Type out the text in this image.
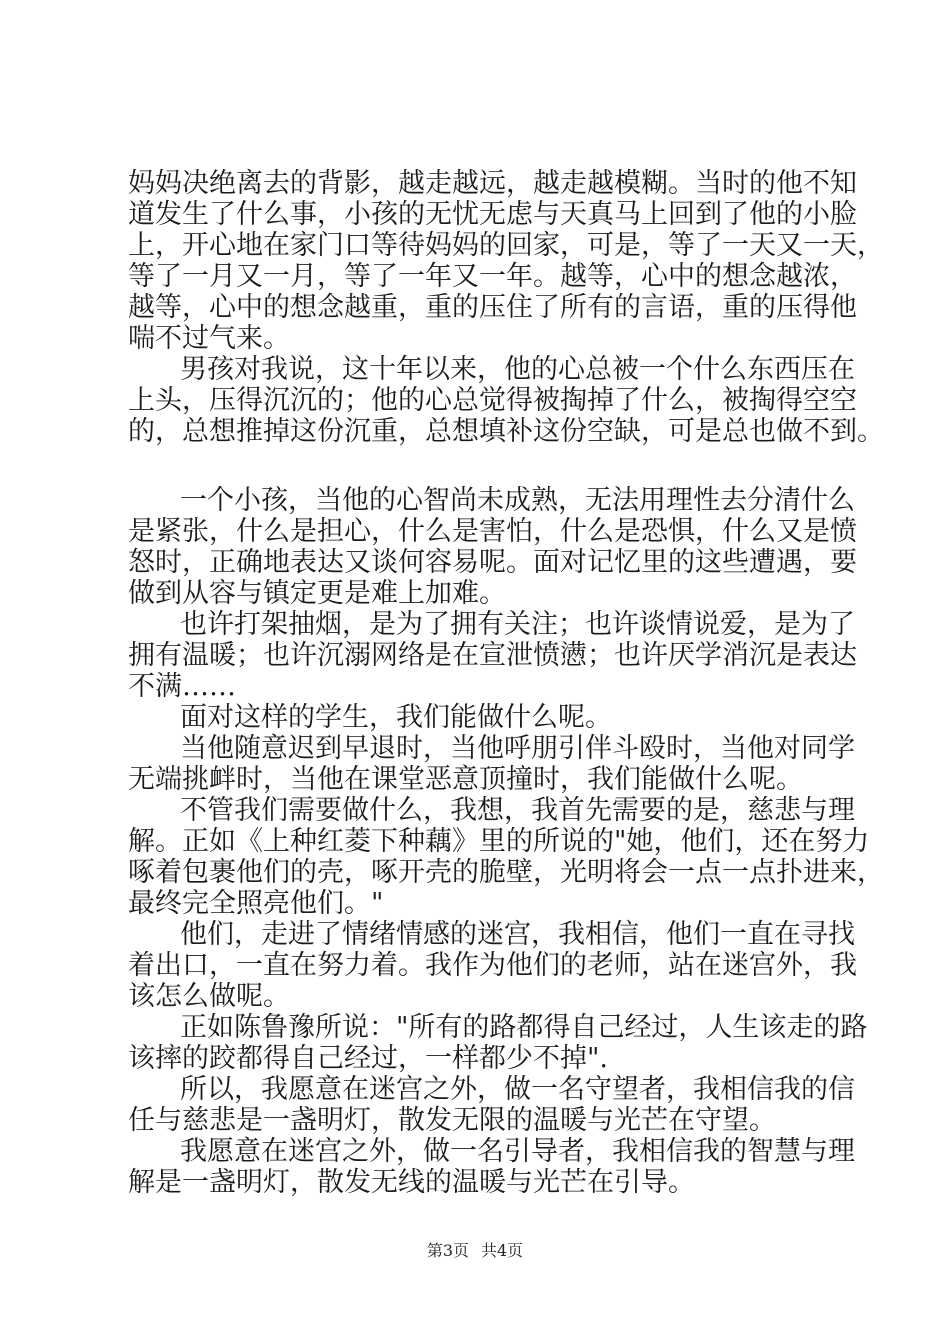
妈妈决绝离去的背影，越走越远，越走越模糊。当时的他不知
道发生了什么事，小孩的无忧无虑与天真马上回到了他的小脸
上，开心地在家门口等待妈妈的回家，可是，等了一天又一天，
等了一月又一月，等了一年又一年。越等，心中的想念越浓，
越等，心中的想念越重，重的压住了所有的言语，重的压得他
喘不过气来。
男孩对我说，这十年以来，他的心总被一个什么东西压在
上头，压得沉沉的；他的心总觉得被掏掉了什么，被掏得空空
的，总想推掉这份沉重，总想填补这份空缺，可是总也做不到。
一个小孩，当他的心智尚未成熟，无法用理性去分清什么
是紧张，什么是担心，什么是害怕，什么是恐惧，什么又是愤
怒时，正确地表达又谈何容易呢。面对记忆里的这些遭遇，要
做到从容与镇定更是难上加难。
也许打架抽烟，是为了拥有关注；也许谈情说爱，是为了
拥有温暖；也许沉溺网络是在宣泄愤懑；也许厌学消沉是表达
不满……
面对这样的学生，我们能做什么呢。
当他随意迟到早退时，当他呼朋引伴斗殴时，当他对同学
无端挑衅时，当他在课堂恶意顶撞时，我们能做什么呢。
不管我们需要做什么，我想，我首先需要的是，慈悲与理
解。正如《上种红菱下种藕》里的所说的"她，他们，还在努力
啄着包裹他们的壳，啄开壳的脆壁，光明将会一点一点扑进来，
最终完全照亮他们。"
他们，走进了情绪情感的迷宫，我相信，他们一直在寻找
着出口，一直在努力着。我作为他们的老师，站在迷宫外，我
该怎么做呢。
正如陈鲁豫所说："所有的路都得自己经过，人生该走的路
该摔的跤都得自己经过，一样都少不掉".
所以，我愿意在迷宫之外，做一名守望者，我相信我的信
任与慈悲是一盏明灯，散发无限的温暖与光芒在守望。
我愿意在迷宫之外，做一名引导者，我相信我的智慧与理
解是一盏明灯，散发无线的温暖与光芒在引导。
第3页 共4页
